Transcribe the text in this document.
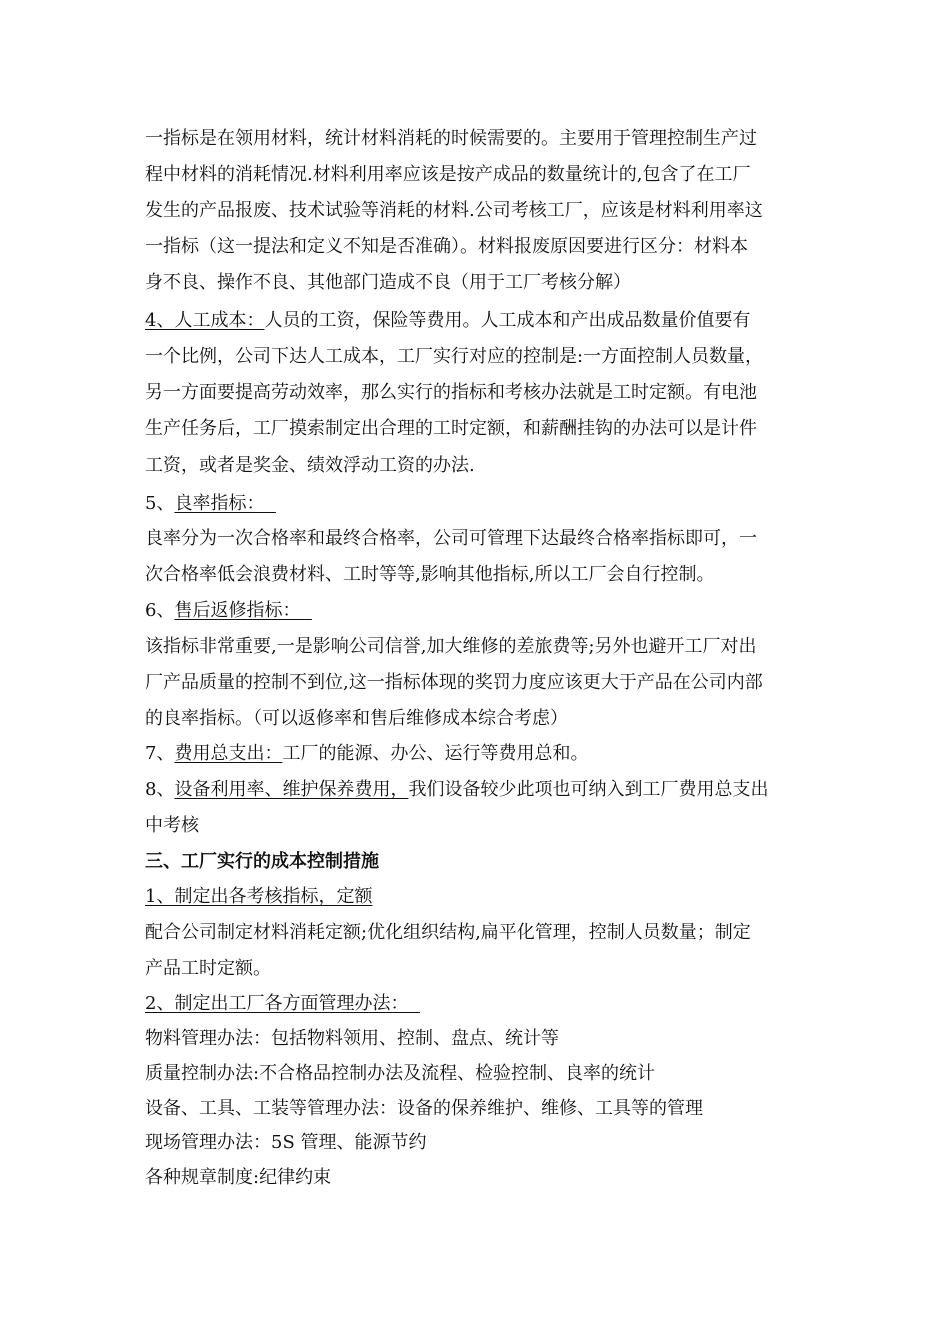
一指标是在领用材料，统计材料消耗的时候需要的。主要用于管理控制生产过
程中材料的消耗情况.材料利用率应该是按产成品的数量统计的,包含了在工厂
发生的产品报废、技术试验等消耗的材料.公司考核工厂，应该是材料利用率这
一指标（这一提法和定义不知是否准确）。材料报废原因要进行区分：材料本
身不良、操作不良、其他部门造成不良（用于工厂考核分解）
4、人工成本：人员的工资，保险等费用。人工成本和产出成品数量价值要有
一个比例，公司下达人工成本，工厂实行对应的控制是:一方面控制人员数量，
另一方面要提高劳动效率，那么实行的指标和考核办法就是工时定额。有电池
生产任务后，工厂摸索制定出合理的工时定额，和薪酬挂钩的办法可以是计件
工资，或者是奖金、绩效浮动工资的办法.
5、良率指标：
良率分为一次合格率和最终合格率，公司可管理下达最终合格率指标即可，一
次合格率低会浪费材料、工时等等,影响其他指标,所以工厂会自行控制。
6、售后返修指标：
该指标非常重要,一是影响公司信誉,加大维修的差旅费等;另外也避开工厂对出
厂产品质量的控制不到位,这一指标体现的奖罚力度应该更大于产品在公司内部
的良率指标。（可以返修率和售后维修成本综合考虑）
7、费用总支出：工厂的能源、办公、运行等费用总和。
8、设备利用率、维护保养费用，我们设备较少此项也可纳入到工厂费用总支出
中考核
三、工厂实行的成本控制措施
1、制定出各考核指标，定额
配合公司制定材料消耗定额;优化组织结构,扁平化管理，控制人员数量；制定
产品工时定额。
2、制定出工厂各方面管理办法：
物料管理办法：包括物料领用、控制、盘点、统计等
质量控制办法:不合格品控制办法及流程、检验控制、良率的统计
设备、工具、工装等管理办法：设备的保养维护、维修、工具等的管理
现场管理办法：5S 管理、能源节约
各种规章制度:纪律约束
